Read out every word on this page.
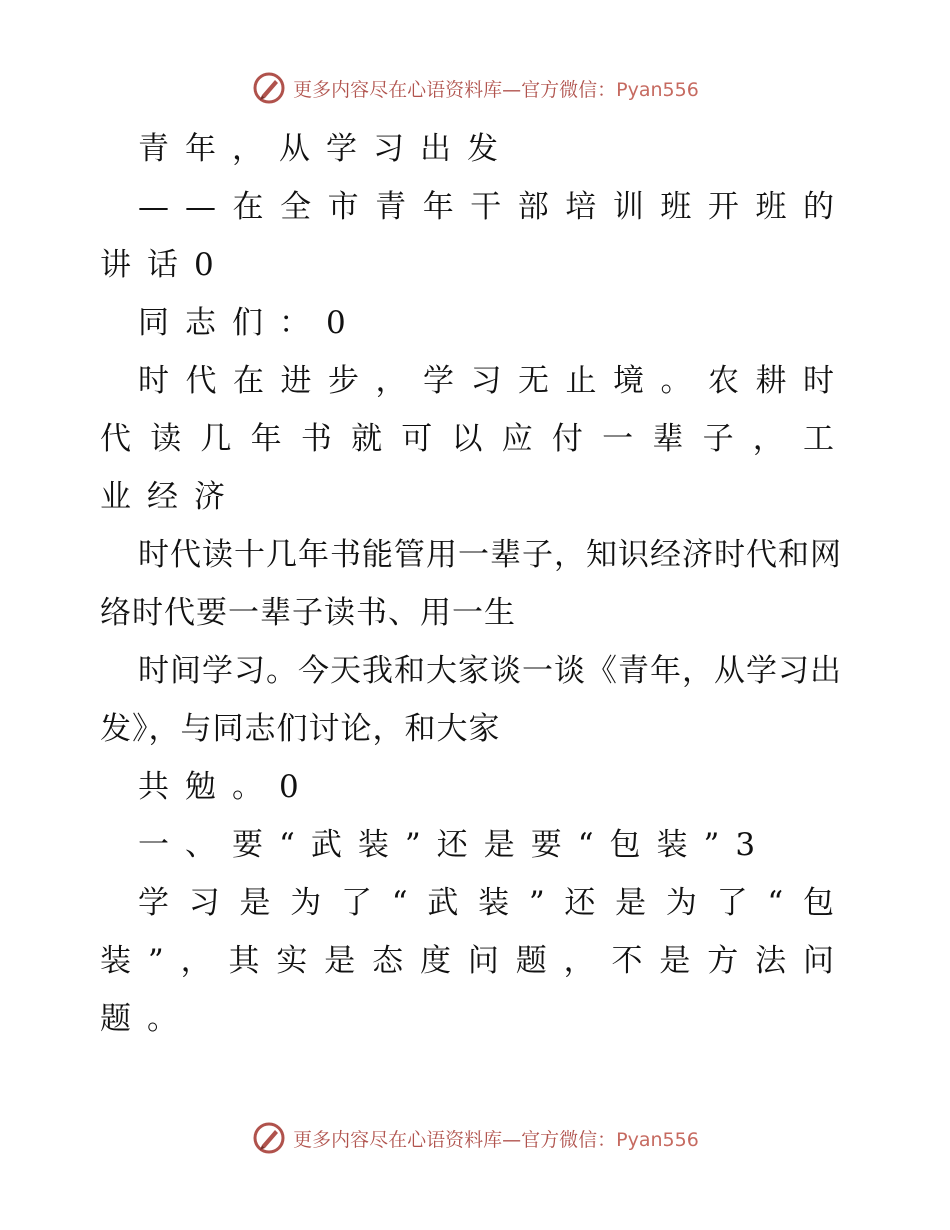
更多内容尽在心语资料库—官方微信：Pyan556

青年，从学习出发

——在全市青年干部培训班开班的讲话0

同志们：0

时代在进步，学习无止境。农耕时代读几年书就可以应付一辈子，工业经济

时代读十几年书能管用一辈子，知识经济时代和网络时代要一辈子读书、用一生

时间学习。今天我和大家谈一谈《青年，从学习出发》，与同志们讨论，和大家

共勉。0

一、要“武装”还是要“包装”3

学习是为了“武装”还是为了“包装”，其实是态度问题，不是方法问题。

更多内容尽在心语资料库—官方微信：Pyan556
